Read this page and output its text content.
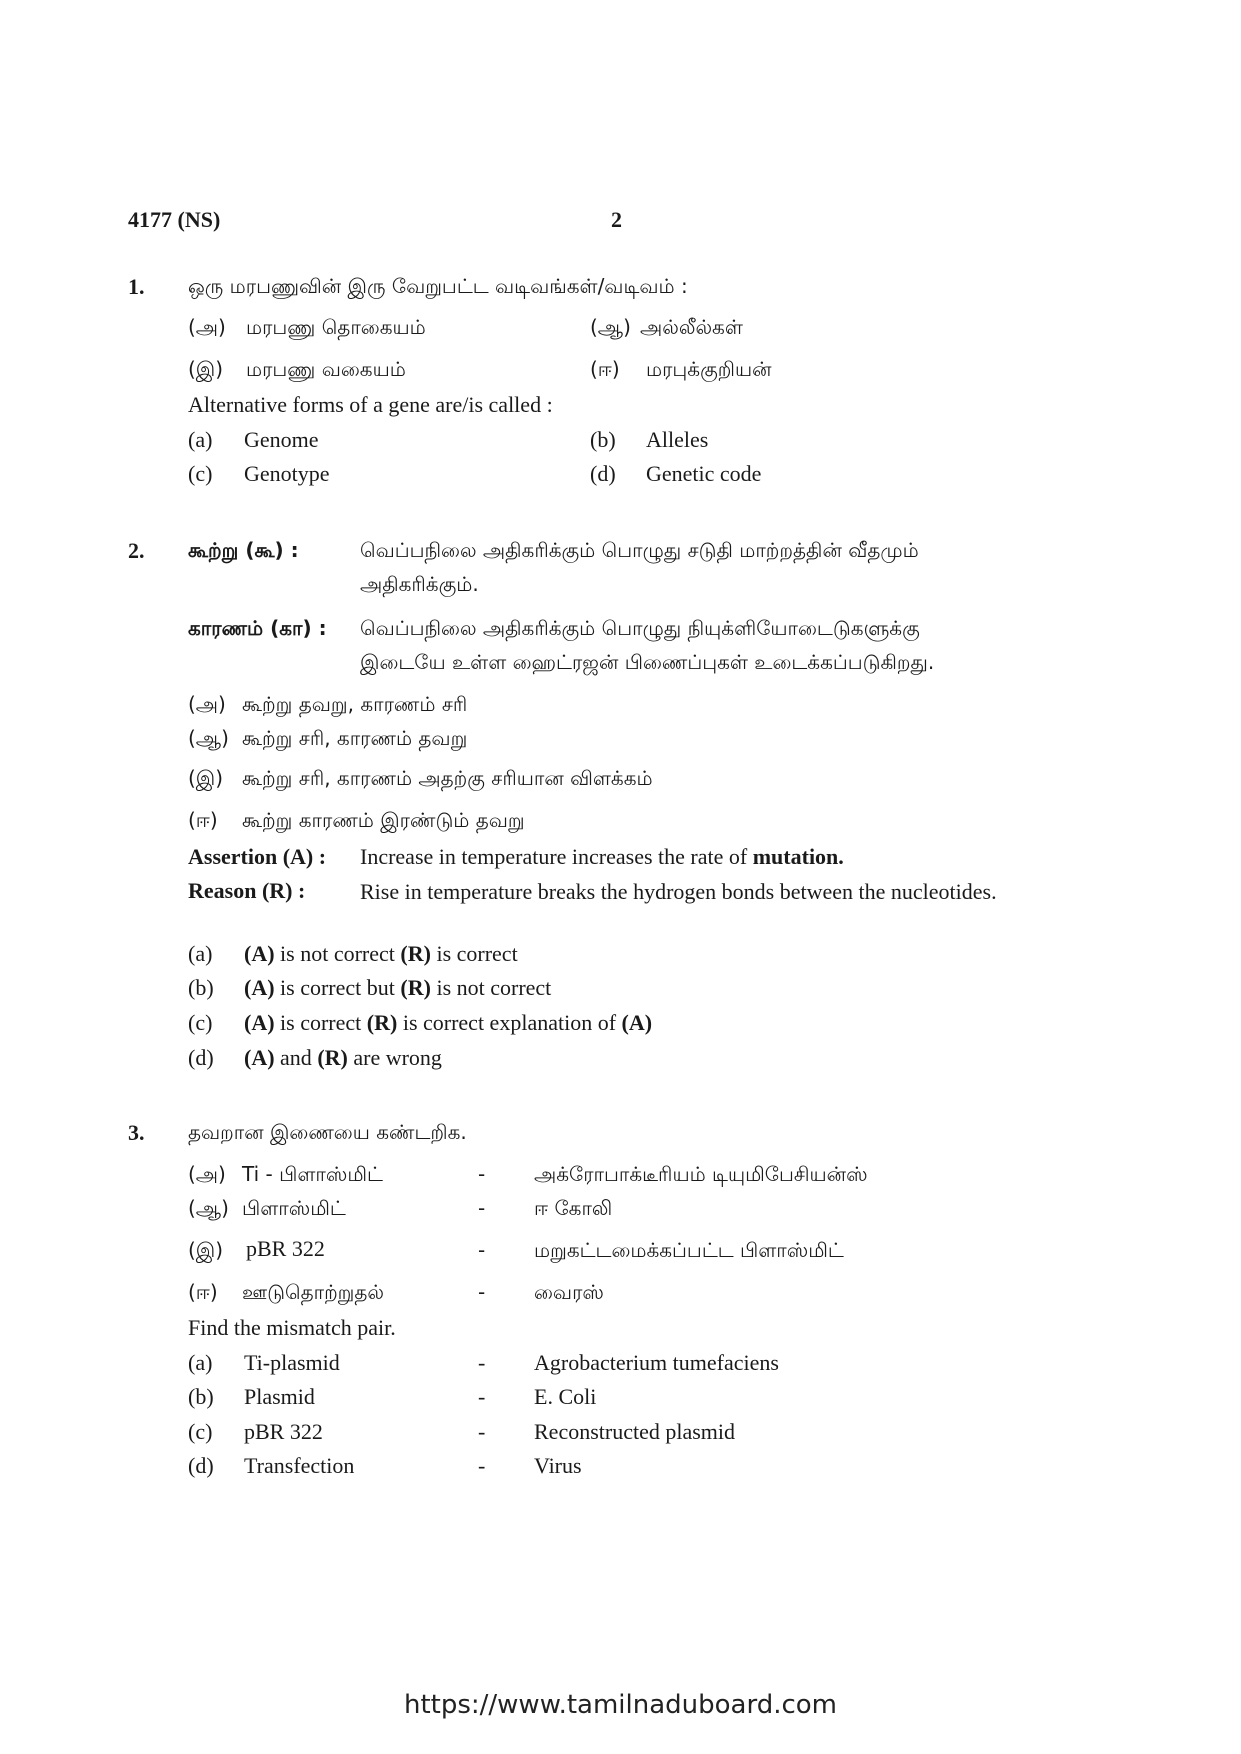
4177 (NS)	2
1. ஒரு மரபணுவின் இரு வேறுபட்ட வடிவங்கள்/வடிவம் :
(அ) மரபணு தொகையம்	(ஆ) அல்லீல்கள்
(இ) மரபணு வகையம்	(ஈ) மரபுக்குறியன்
Alternative forms of a gene are/is called :
(a) Genome	(b) Alleles
(c) Genotype	(d) Genetic code
2. கூற்று (கூ) :	வெப்பநிலை அதிகரிக்கும் பொழுது சடுதி மாற்றத்தின் வீதமும்
அதிகரிக்கும்.
காரணம் (கா) : வெப்பநிலை அதிகரிக்கும் பொழுது நியுக்ளியோடைடுகளுக்கு
இடையே உள்ள ஹைட்ரஜன் பிணைப்புகள் உடைக்கப்படுகிறது.
(அ) கூற்று தவறு, காரணம் சரி
(ஆ) கூற்று சரி, காரணம் தவறு
(இ) கூற்று சரி, காரணம் அதற்கு சரியான விளக்கம்
(ஈ) கூற்று காரணம் இரண்டும் தவறு
Assertion (A) : Increase in temperature increases the rate of mutation.
Reason (R) : Rise in temperature breaks the hydrogen bonds between the nucleotides.
(a) (A) is not correct (R) is correct
(b) (A) is correct but (R) is not correct
(c) (A) is correct (R) is correct explanation of (A)
(d) (A) and (R) are wrong
3. தவறான இணையை கண்டறிக.
(அ) Ti - பிளாஸ்மிட்	- அக்ரோபாக்டீரியம் டியுமிபேசியன்ஸ்
(ஆ) பிளாஸ்மிட்	- ஈ கோலி
(இ) pBR 322	- மறுகட்டமைக்கப்பட்ட பிளாஸ்மிட்
(ஈ) ஊடுதொற்றுதல்	- வைரஸ்
Find the mismatch pair.
(a) Ti-plasmid	- Agrobacterium tumefaciens
(b) Plasmid	- E. Coli
(c) pBR 322	- Reconstructed plasmid
(d) Transfection	- Virus
https://www.tamilnaduboard.com
